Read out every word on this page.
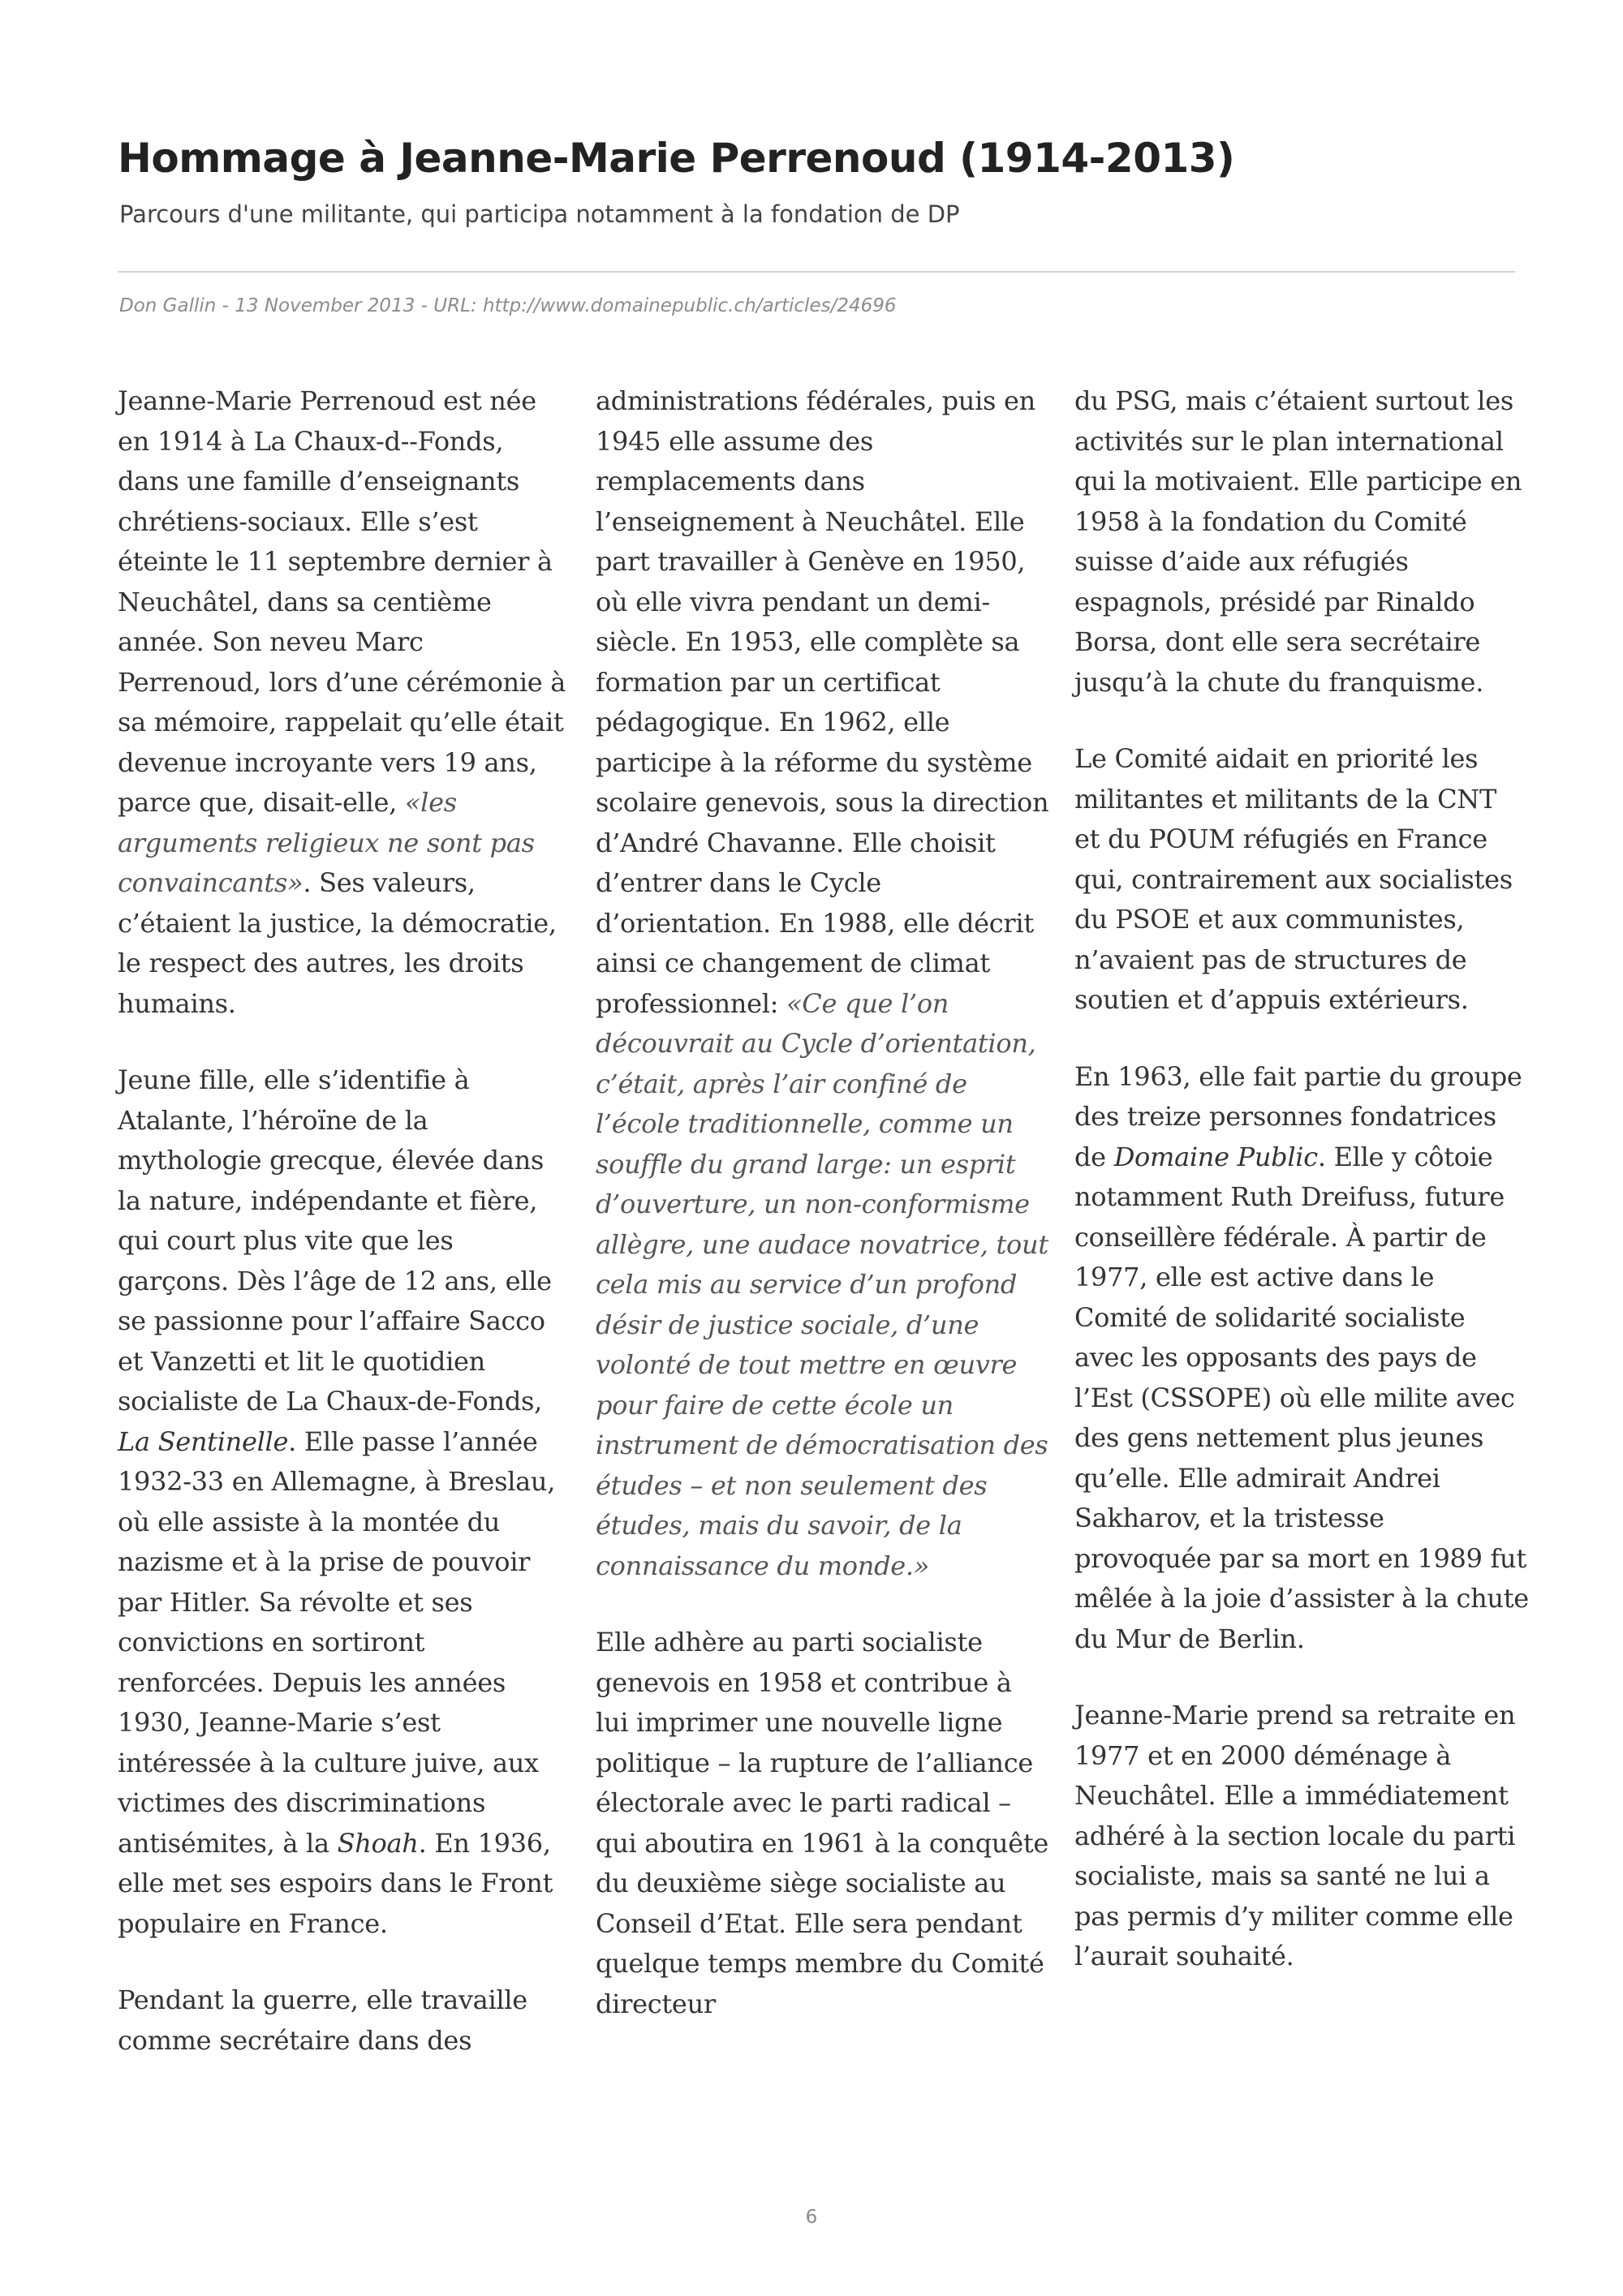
Hommage à Jeanne-Marie Perrenoud (1914-2013)
Parcours d'une militante, qui participa notamment à la fondation de DP
Don Gallin - 13 November 2013 - URL: http://www.domainepublic.ch/articles/24696

Jeanne-Marie Perrenoud est née en 1914 à La Chaux-d--Fonds, dans une famille d’enseignants chrétiens-sociaux. Elle s’est éteinte le 11 septembre dernier à Neuchâtel, dans sa centième année. Son neveu Marc Perrenoud, lors d’une cérémonie à sa mémoire, rappelait qu’elle était devenue incroyante vers 19 ans, parce que, disait-elle, «les arguments religieux ne sont pas convaincants». Ses valeurs, c’étaient la justice, la démocratie, le respect des autres, les droits humains.

Jeune fille, elle s’identifie à Atalante, l’héroïne de la mythologie grecque, élevée dans la nature, indépendante et fière, qui court plus vite que les garçons. Dès l’âge de 12 ans, elle se passionne pour l’affaire Sacco et Vanzetti et lit le quotidien socialiste de La Chaux-de-Fonds, La Sentinelle. Elle passe l’année 1932-33 en Allemagne, à Breslau, où elle assiste à la montée du nazisme et à la prise de pouvoir par Hitler. Sa révolte et ses convictions en sortiront renforcées. Depuis les années 1930, Jeanne-Marie s’est intéressée à la culture juive, aux victimes des discriminations antisémites, à la Shoah. En 1936, elle met ses espoirs dans le Front populaire en France.

Pendant la guerre, elle travaille comme secrétaire dans des

administrations fédérales, puis en 1945 elle assume des remplacements dans l’enseignement à Neuchâtel. Elle part travailler à Genève en 1950, où elle vivra pendant un demi-siècle. En 1953, elle complète sa formation par un certificat pédagogique. En 1962, elle participe à la réforme du système scolaire genevois, sous la direction d’André Chavanne. Elle choisit d’entrer dans le Cycle d’orientation. En 1988, elle décrit ainsi ce changement de climat professionnel: «Ce que l’on découvrait au Cycle d’orientation, c’était, après l’air confiné de l’école traditionnelle, comme un souffle du grand large: un esprit d’ouverture, un non-conformisme allègre, une audace novatrice, tout cela mis au service d’un profond désir de justice sociale, d’une volonté de tout mettre en œuvre pour faire de cette école un instrument de démocratisation des études – et non seulement des études, mais du savoir, de la connaissance du monde.»

Elle adhère au parti socialiste genevois en 1958 et contribue à lui imprimer une nouvelle ligne politique – la rupture de l’alliance électorale avec le parti radical – qui aboutira en 1961 à la conquête du deuxième siège socialiste au Conseil d’Etat. Elle sera pendant quelque temps membre du Comité directeur

du PSG, mais c’étaient surtout les activités sur le plan international qui la motivaient. Elle participe en 1958 à la fondation du Comité suisse d’aide aux réfugiés espagnols, présidé par Rinaldo Borsa, dont elle sera secrétaire jusqu’à la chute du franquisme.

Le Comité aidait en priorité les militantes et militants de la CNT et du POUM réfugiés en France qui, contrairement aux socialistes du PSOE et aux communistes, n’avaient pas de structures de soutien et d’appuis extérieurs.

En 1963, elle fait partie du groupe des treize personnes fondatrices de Domaine Public. Elle y côtoie notamment Ruth Dreifuss, future conseillère fédérale. À partir de 1977, elle est active dans le Comité de solidarité socialiste avec les opposants des pays de l’Est (CSSOPE) où elle milite avec des gens nettement plus jeunes qu’elle. Elle admirait Andrei Sakharov, et la tristesse provoquée par sa mort en 1989 fut mêlée à la joie d’assister à la chute du Mur de Berlin.

Jeanne-Marie prend sa retraite en 1977 et en 2000 déménage à Neuchâtel. Elle a immédiatement adhéré à la section locale du parti socialiste, mais sa santé ne lui a pas permis d’y militer comme elle l’aurait souhaité.

6
